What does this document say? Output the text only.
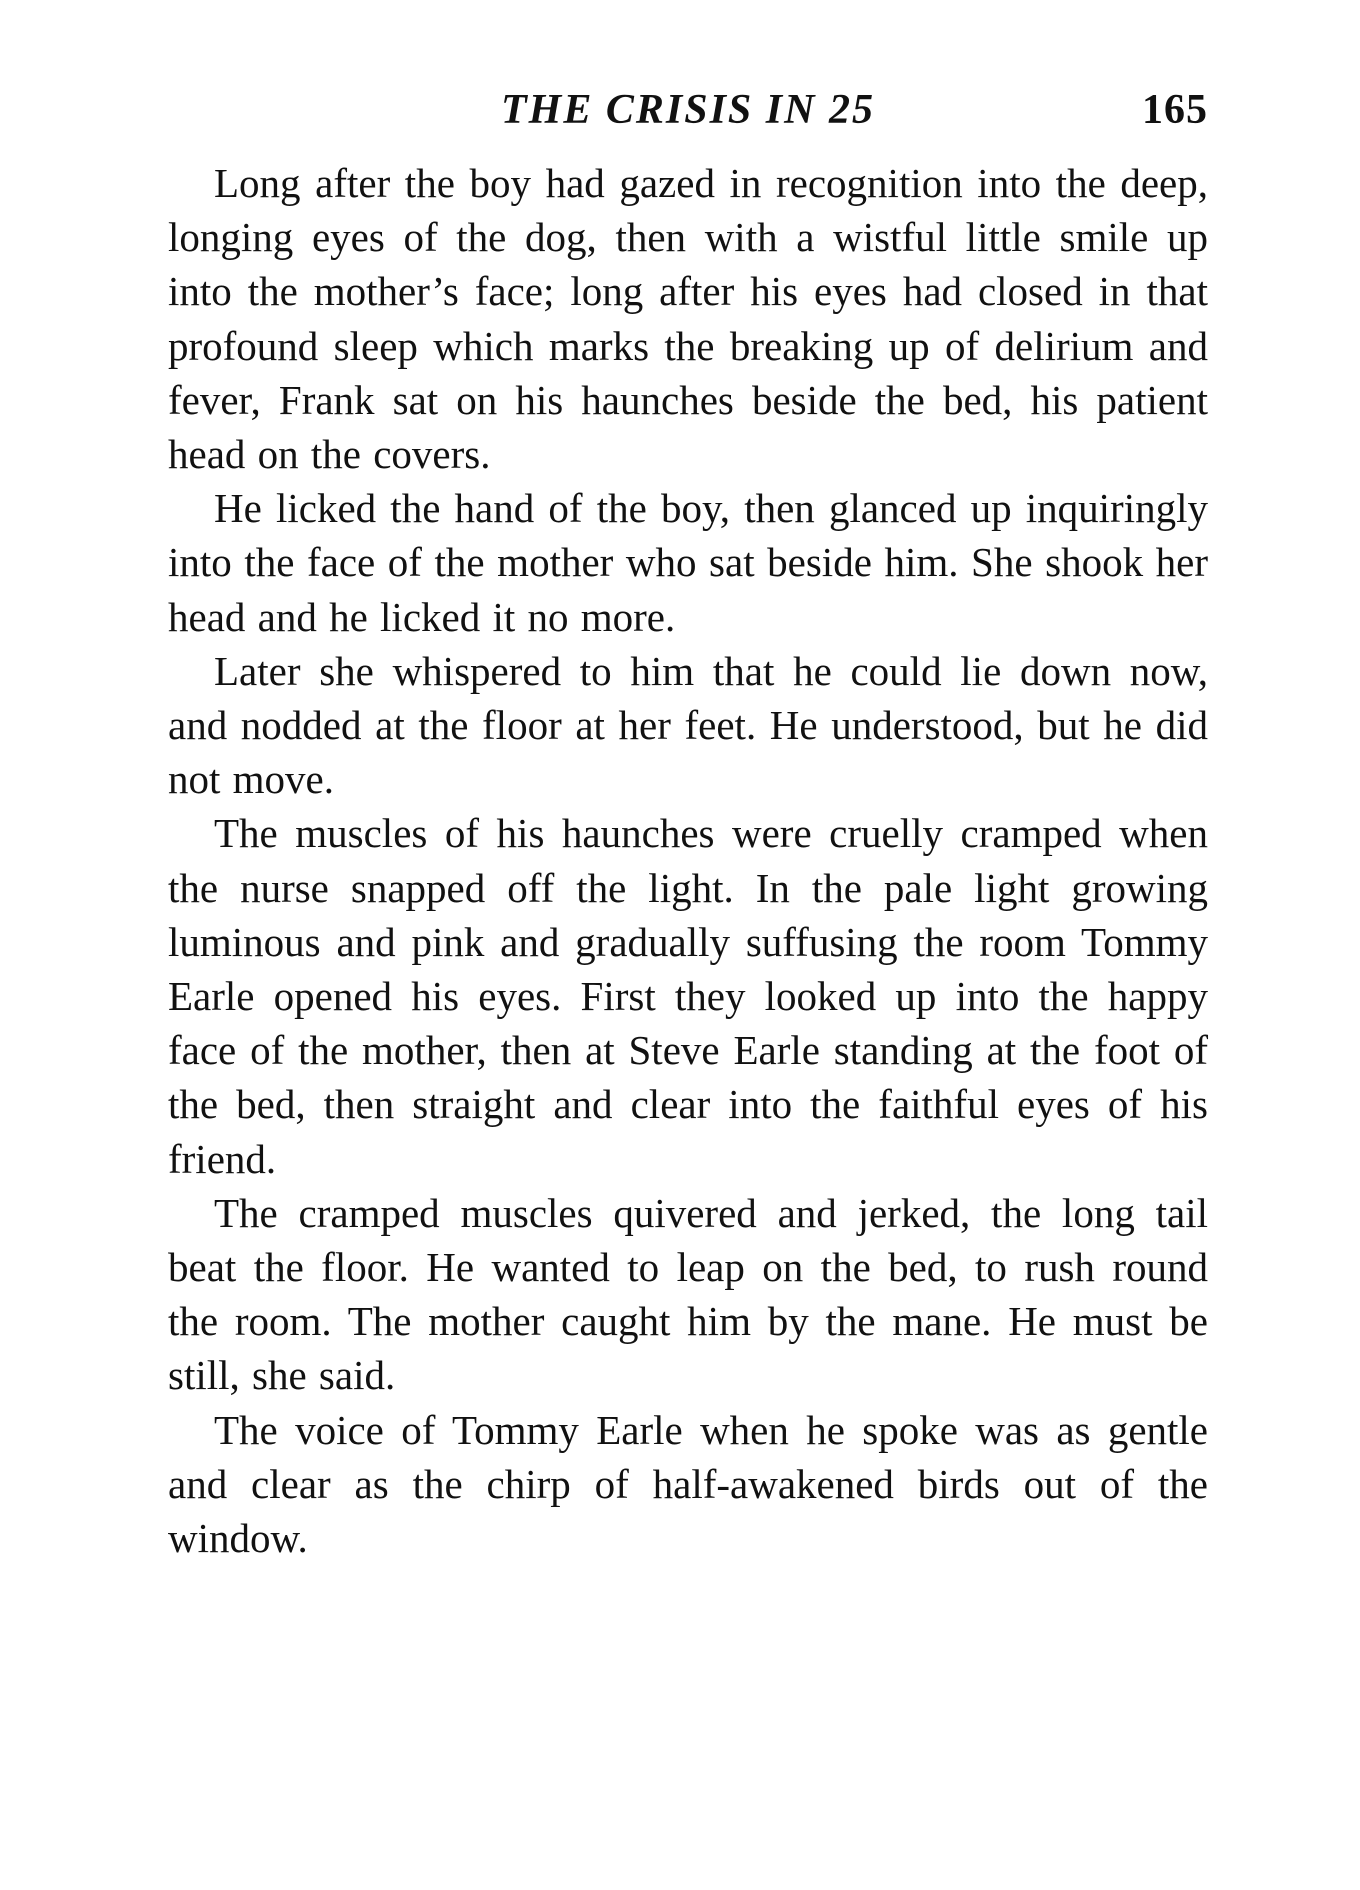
THE CRISIS IN 25	165

Long after the boy had gazed in recognition into the deep, longing eyes of the dog, then with a wistful little smile up into the mother’s face; long after his eyes had closed in that profound sleep which marks the breaking up of delirium and fever, Frank sat on his haunches beside the bed, his patient head on the covers.

He licked the hand of the boy, then glanced up inquiringly into the face of the mother who sat beside him. She shook her head and he licked it no more.

Later she whispered to him that he could lie down now, and nodded at the floor at her feet. He understood, but he did not move.

The muscles of his haunches were cruelly cramped when the nurse snapped off the light. In the pale light growing luminous and pink and gradually suffusing the room Tommy Earle opened his eyes. First they looked up into the happy face of the mother, then at Steve Earle standing at the foot of the bed, then straight and clear into the faithful eyes of his friend.

The cramped muscles quivered and jerked, the long tail beat the floor. He wanted to leap on the bed, to rush round the room. The mother caught him by the mane. He must be still, she said.

The voice of Tommy Earle when he spoke was as gentle and clear as the chirp of half-awakened birds out of the window.
